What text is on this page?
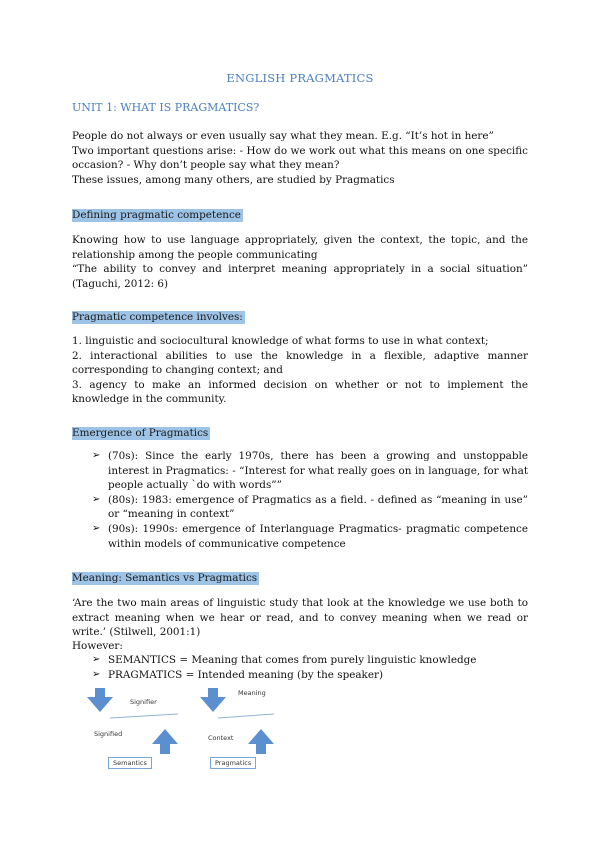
ENGLISH PRAGMATICS
UNIT 1: WHAT IS PRAGMATICS?
People do not always or even usually say what they mean. E.g. “It’s hot in here”
Two important questions arise: - How do we work out what this means on one specific occasion? - Why don’t people say what they mean?
These issues, among many others, are studied by Pragmatics
Defining pragmatic competence
Knowing how to use language appropriately, given the context, the topic, and the relationship among the people communicating
“The ability to convey and interpret meaning appropriately in a social situation” (Taguchi, 2012: 6)
Pragmatic competence involves:
1. linguistic and sociocultural knowledge of what forms to use in what context;
2. interactional abilities to use the knowledge in a flexible, adaptive manner corresponding to changing context; and
3. agency to make an informed decision on whether or not to implement the knowledge in the community.
Emergence of Pragmatics
➢ (70s): Since the early 1970s, there has been a growing and unstoppable interest in Pragmatics: - “Interest for what really goes on in language, for what people actually `do with words””
➢ (80s): 1983: emergence of Pragmatics as a field. - defined as “meaning in use” or “meaning in context”
➢ (90s): 1990s: emergence of Interlanguage Pragmatics- pragmatic competence within models of communicative competence
Meaning: Semantics vs Pragmatics
‘Are the two main areas of linguistic study that look at the knowledge we use both to extract meaning when we hear or read, and to convey meaning when we read or write.’ (Stilwell, 2001:1)
However:
➢ SEMANTICS = Meaning that comes from purely linguistic knowledge
➢ PRAGMATICS = Intended meaning (by the speaker)
Signifier
Signified
Semantics
Meaning
Context
Pragmatics
